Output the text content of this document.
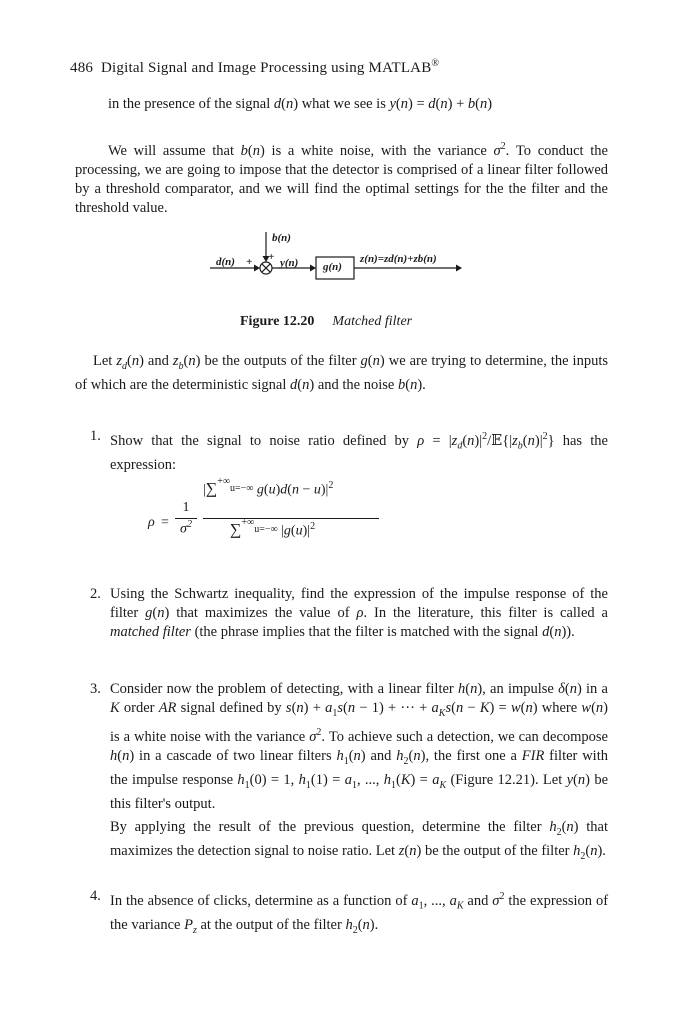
486 Digital Signal and Image Processing using MATLAB®
in the presence of the signal d(n) what we see is y(n) = d(n) + b(n)
We will assume that b(n) is a white noise, with the variance $\sigma^2$. To conduct the processing, we are going to impose that the detector is comprised of a linear filter followed by a threshold comparator, and we will find the optimal settings for the the filter and the threshold value.
b(n)
d(n) + + y(n) g(n)
z(n)=zd(n)+zb(n)
Figure 12.20 Matched filter
Let $z_d(n)$ and $z_b(n)$ be the outputs of the filter g(n) we are trying to determine, the inputs of which are the deterministic signal d(n) and the noise b(n).
1. Show that the signal to noise ratio defined by $\rho = |z_d(n)|^2/𝔼\{|z_b(n)|^2\}$ has the expression:
ρ =
1
$\sigma^2$
|∑$^{^{+\infty}_{u=-\infty}}$ $g(u)d(n - u)|^2$
∑$^{^{+\infty}_{u=-\infty}}$ $|g(u)|^2$
2. Using the Schwartz inequality, find the expression of the impulse response of the filter g(n) that maximizes the value of ρ. In the literature, this filter is called a matched filter (the phrase implies that the filter is matched with the signal d(n)).
3. Consider now the problem of detecting, with a linear filter h(n), an impulse δ(n) in a K order AR signal defined by $s(n) + a_1s(n - 1)$ + ··· + $a_Ks(n - K) = w(n)$ where w(n) is a white noise with the variance $\sigma^2$. To achieve such a detection, we can decompose h(n) in a cascade of two linear filters $h_1(n)$ and $h_2(n)$, the first one a FIR filter with the impulse response $h_1(0) = 1$, $h_1(1) = a_1$, ..., $h_1(K) = a_K$ (Figure 12.21). Let y(n) be this filter's output.
By applying the result of the previous question, determine the filter $h_2(n)$ that maximizes the detection signal to noise ratio. Let z(n) be the output of the filter $h_2(n)$.
4. In the absence of clicks, determine as a function of $a_1$, ..., $a_K$ and $\sigma^2$ the expression of the variance $P_z$ at the output of the filter $h_2(n)$.
